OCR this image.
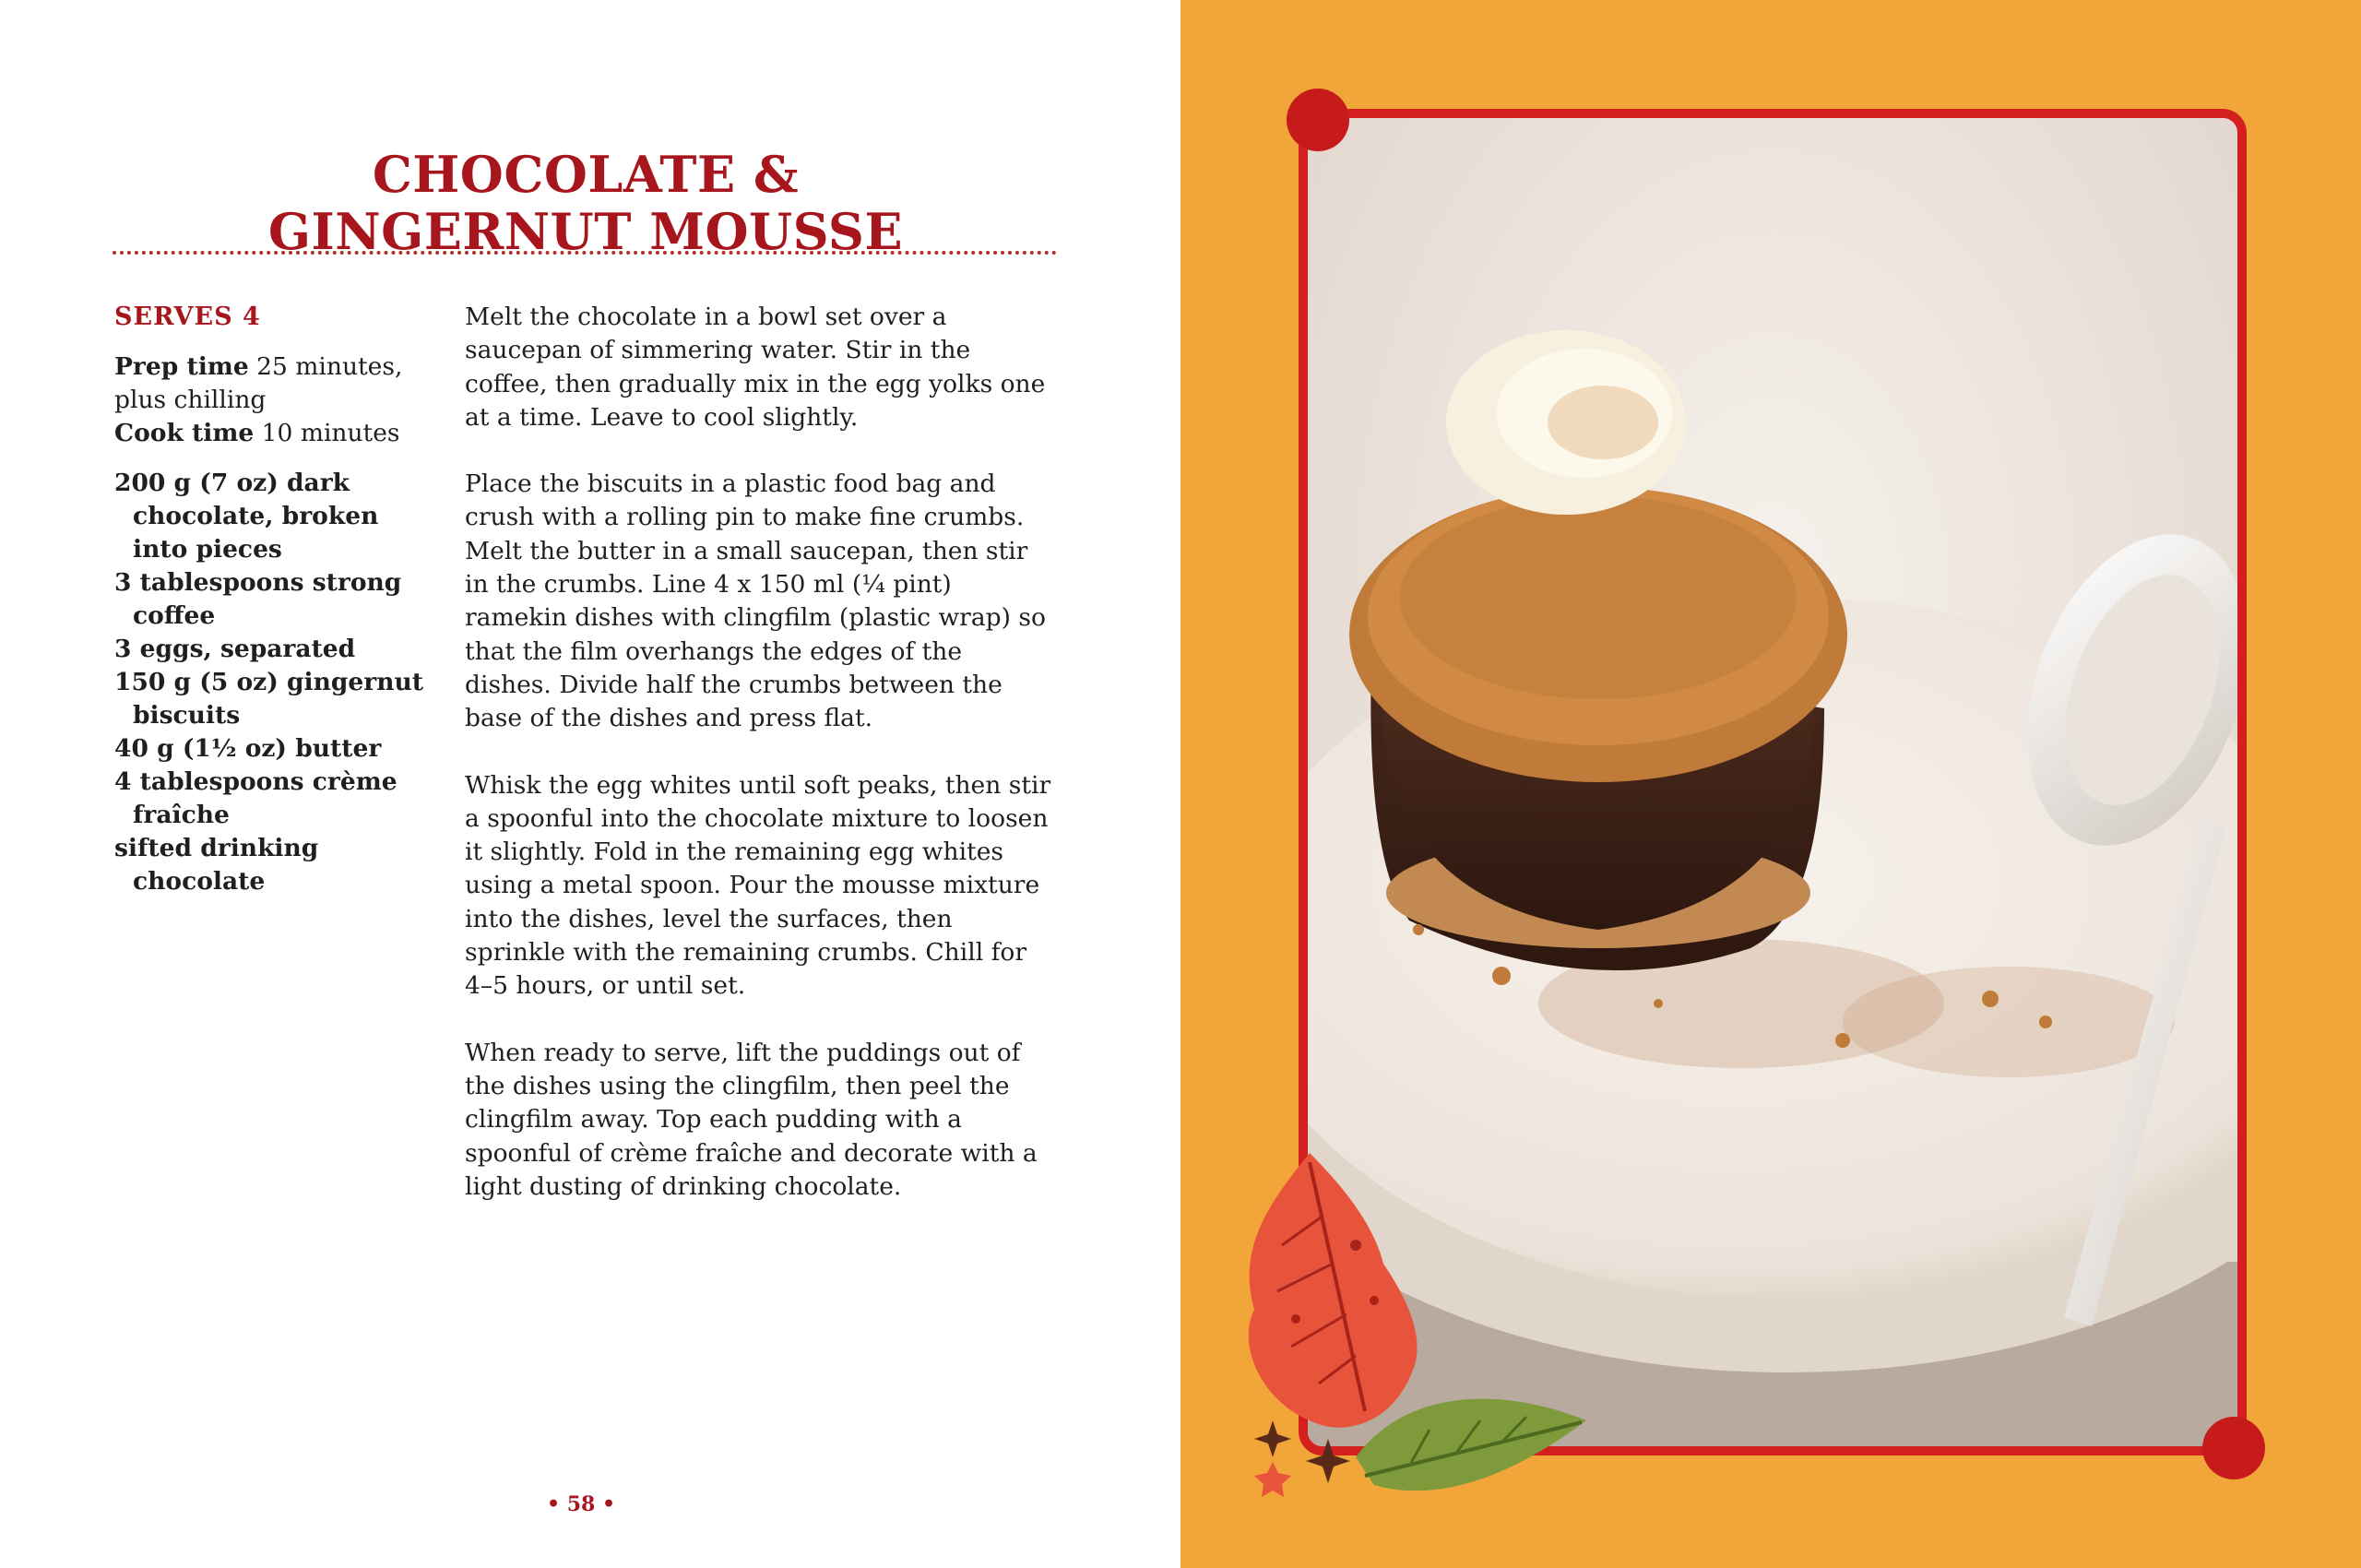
CHOCOLATE &
GINGERNUT MOUSSE
SERVES 4
Prep time 25 minutes, plus chilling
Cook time 10 minutes
200 g (7 oz) dark chocolate, broken into pieces
3 tablespoons strong coffee
3 eggs, separated
150 g (5 oz) gingernut biscuits
40 g (1½ oz) butter
4 tablespoons crème fraîche
sifted drinking chocolate

Melt the chocolate in a bowl set over a saucepan of simmering water. Stir in the coffee, then gradually mix in the egg yolks one at a time. Leave to cool slightly.

Place the biscuits in a plastic food bag and crush with a rolling pin to make fine crumbs. Melt the butter in a small saucepan, then stir in the crumbs. Line 4 x 150 ml (¼ pint) ramekin dishes with clingfilm (plastic wrap) so that the film overhangs the edges of the dishes. Divide half the crumbs between the base of the dishes and press flat.

Whisk the egg whites until soft peaks, then stir a spoonful into the chocolate mixture to loosen it slightly. Fold in the remaining egg whites using a metal spoon. Pour the mousse mixture into the dishes, level the surfaces, then sprinkle with the remaining crumbs. Chill for 4–5 hours, or until set.

When ready to serve, lift the puddings out of the dishes using the clingfilm, then peel the clingfilm away. Top each pudding with a spoonful of crème fraîche and decorate with a light dusting of drinking chocolate.

• 58 •
